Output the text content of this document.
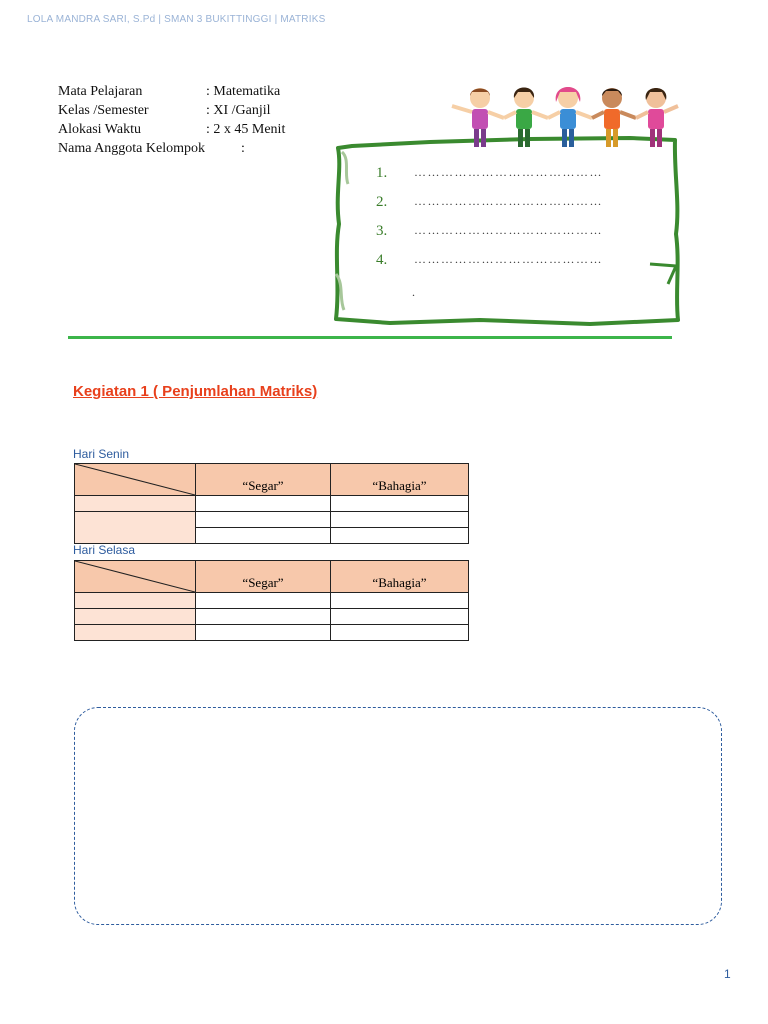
LOLA MANDRA SARI, S.Pd | SMAN 3 BUKITTINGGI | MATRIKS
Mata Pelajaran	: Matematika
Kelas /Semester	: XI /Ganjil
Alokasi Waktu	: 2 x 45 Menit
Nama Anggota Kelompok	:
1. ……………………………………
2. ……………………………………
3. ……………………………………
4. ……………………………………
.
Kegiatan 1 ( Penjumlahan Matriks)
Hari Senin
	“Segar”	“Bahagia”

Hari Selasa
	“Segar”	“Bahagia”

1
